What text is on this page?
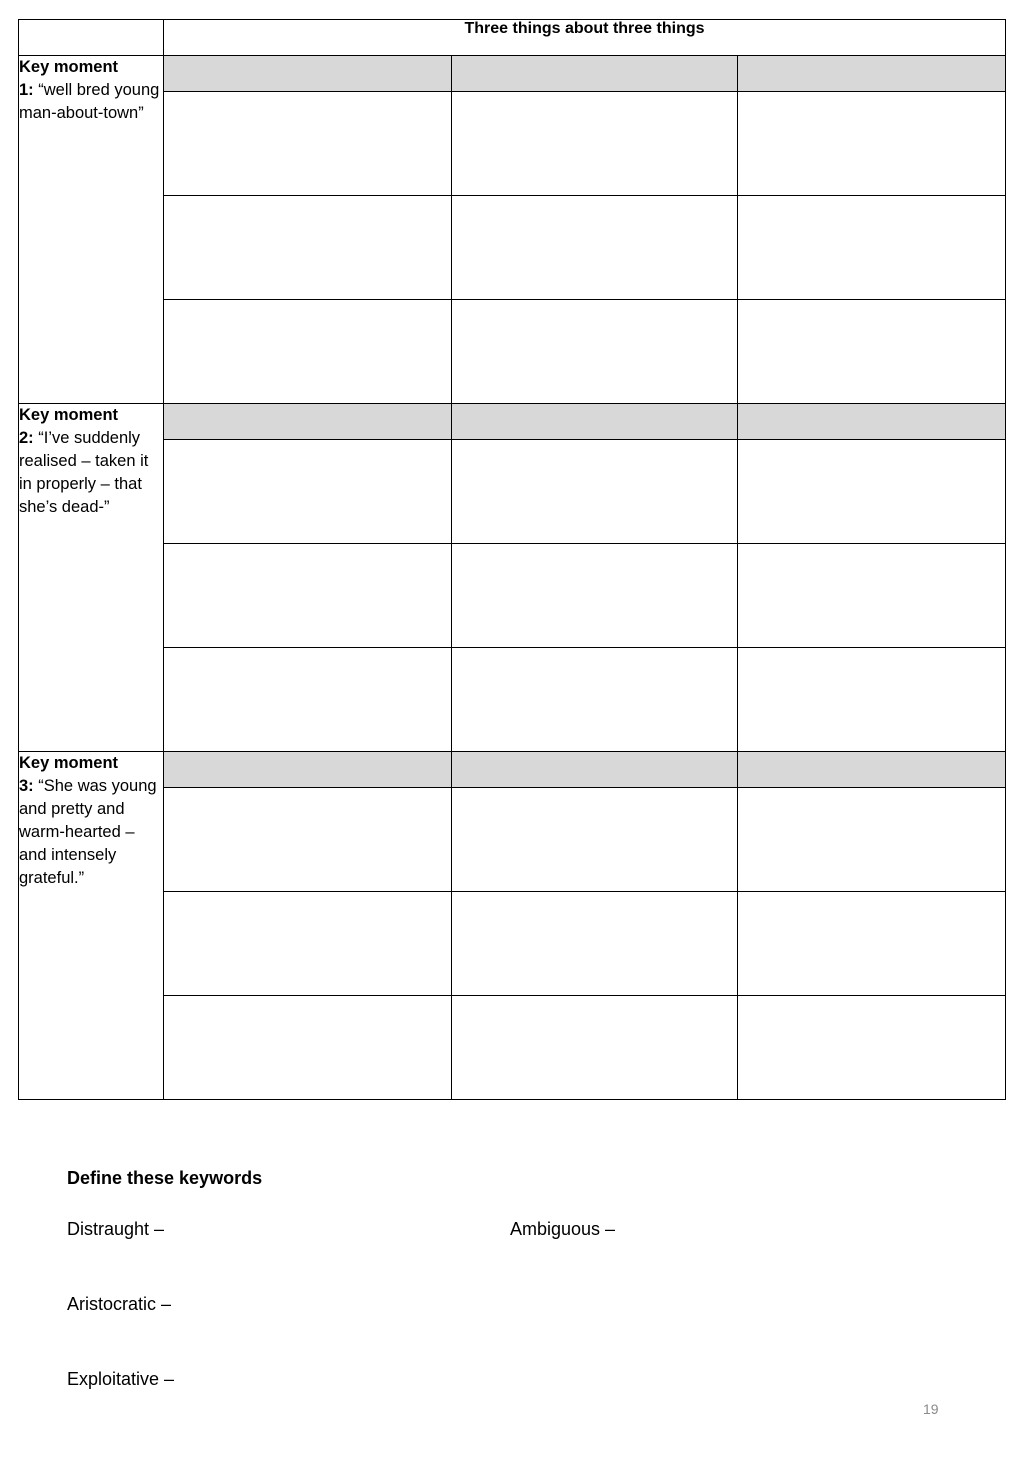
	Three things about three things		
Key moment
1: “well bred young man-about-town”			

Key moment
2: “I’ve suddenly realised – taken it in properly – that she’s dead-”			

Key moment
3: “She was young and pretty and warm-hearted – and intensely grateful.”			

Define these keywords
Distraught –	Ambiguous –
Aristocratic –
Exploitative –
19
